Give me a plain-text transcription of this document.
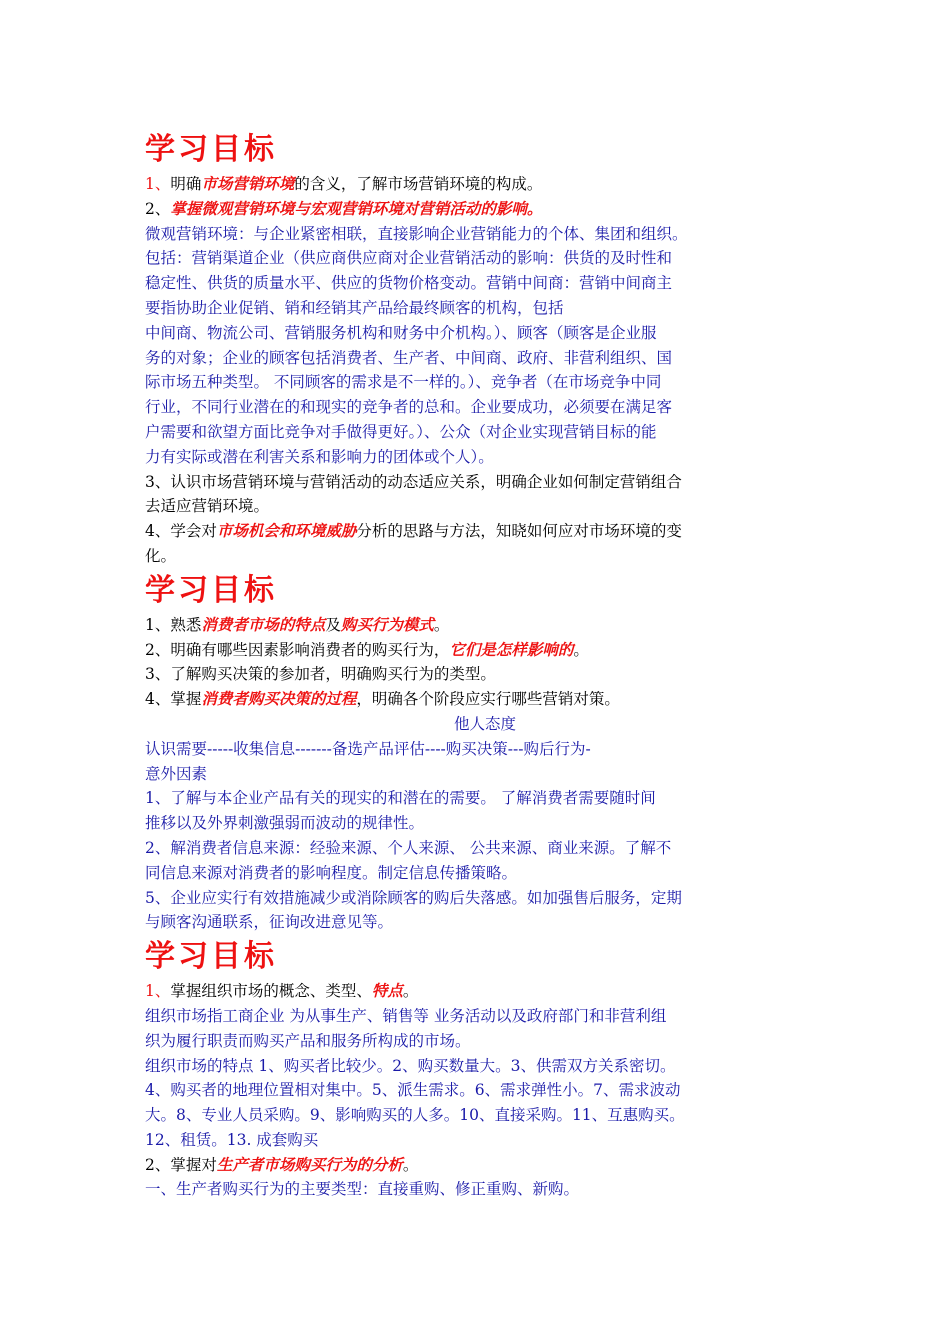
学习目标
1、明确市场营销环境的含义，了解市场营销环境的构成。
2、掌握微观营销环境与宏观营销环境对营销活动的影响。
微观营销环境：与企业紧密相联，直接影响企业营销能力的个体、集团和组织。
包括：营销渠道企业（供应商供应商对企业营销活动的影响：供货的及时性和
稳定性、供货的质量水平、供应的货物价格变动。营销中间商：营销中间商主
要指协助企业促销、销和经销其产品给最终顾客的机构，包括
中间商、物流公司、营销服务机构和财务中介机构。）、顾客（顾客是企业服
务的对象；企业的顾客包括消费者、生产者、中间商、政府、非营利组织、国
际市场五种类型。 不同顾客的需求是不一样的。）、竞争者（在市场竞争中同
行业，不同行业潜在的和现实的竞争者的总和。企业要成功，必须要在满足客
户需要和欲望方面比竞争对手做得更好。）、公众（对企业实现营销目标的能
力有实际或潜在利害关系和影响力的团体或个人）。
3、认识市场营销环境与营销活动的动态适应关系，明确企业如何制定营销组合
去适应营销环境。
4、学会对市场机会和环境威胁分析的思路与方法，知晓如何应对市场环境的变
化。
学习目标
1、熟悉消费者市场的特点及购买行为模式。
2、明确有哪些因素影响消费者的购买行为，它们是怎样影响的。
3、了解购买决策的参加者，明确购买行为的类型。
4、掌握消费者购买决策的过程，明确各个阶段应实行哪些营销对策。
他人态度
认识需要-----收集信息-------备选产品评估----购买决策---购后行为-
意外因素
1、了解与本企业产品有关的现实的和潜在的需要。 了解消费者需要随时间
推移以及外界刺激强弱而波动的规律性。
2、解消费者信息来源：经验来源、个人来源、 公共来源、商业来源。了解不
同信息来源对消费者的影响程度。制定信息传播策略。
5、企业应实行有效措施减少或消除顾客的购后失落感。如加强售后服务，定期
与顾客沟通联系，征询改进意见等。
学习目标
1、掌握组织市场的概念、类型、特点。
组织市场指工商企业 为从事生产、销售等 业务活动以及政府部门和非营利组
织为履行职责而购买产品和服务所构成的市场。
组织市场的特点 1、购买者比较少。2、购买数量大。3、供需双方关系密切。
4、购买者的地理位置相对集中。5、派生需求。6、需求弹性小。7、需求波动
大。8、专业人员采购。9、影响购买的人多。10、直接采购。11、互惠购买。
12、租赁。13. 成套购买
2、掌握对生产者市场购买行为的分析。
一、生产者购买行为的主要类型：直接重购、修正重购、新购。
